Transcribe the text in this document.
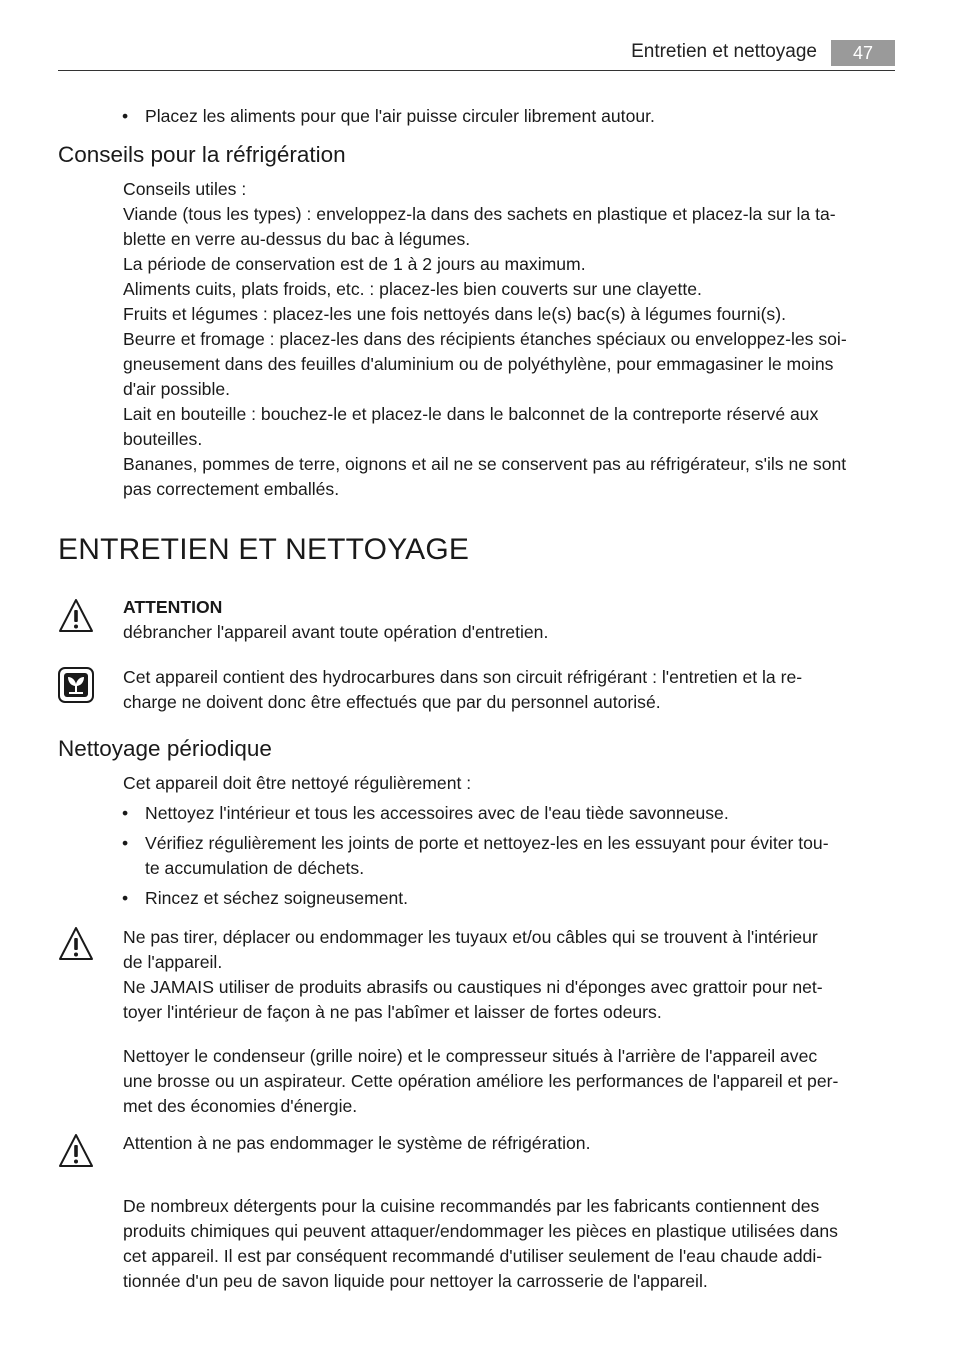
Entretien et nettoyage	47
• Placez les aliments pour que l'air puisse circuler librement autour.
Conseils pour la réfrigération
Conseils utiles :
Viande (tous les types) : enveloppez-la dans des sachets en plastique et placez-la sur la ta-
blette en verre au-dessus du bac à légumes.
La période de conservation est de 1 à 2 jours au maximum.
Aliments cuits, plats froids, etc. : placez-les bien couverts sur une clayette.
Fruits et légumes : placez-les une fois nettoyés dans le(s) bac(s) à légumes fourni(s).
Beurre et fromage : placez-les dans des récipients étanches spéciaux ou enveloppez-les soi-
gneusement dans des feuilles d'aluminium ou de polyéthylène, pour emmagasiner le moins
d'air possible.
Lait en bouteille : bouchez-le et placez-le dans le balconnet de la contreporte réservé aux
bouteilles.
Bananes, pommes de terre, oignons et ail ne se conservent pas au réfrigérateur, s'ils ne sont
pas correctement emballés.
ENTRETIEN ET NETTOYAGE
ATTENTION
débrancher l'appareil avant toute opération d'entretien.
Cet appareil contient des hydrocarbures dans son circuit réfrigérant : l'entretien et la re-
charge ne doivent donc être effectués que par du personnel autorisé.
Nettoyage périodique
Cet appareil doit être nettoyé régulièrement :
• Nettoyez l'intérieur et tous les accessoires avec de l'eau tiède savonneuse.
• Vérifiez régulièrement les joints de porte et nettoyez-les en les essuyant pour éviter tou-
te accumulation de déchets.
• Rincez et séchez soigneusement.
Ne pas tirer, déplacer ou endommager les tuyaux et/ou câbles qui se trouvent à l'intérieur
de l'appareil.
Ne JAMAIS utiliser de produits abrasifs ou caustiques ni d'éponges avec grattoir pour net-
toyer l'intérieur de façon à ne pas l'abîmer et laisser de fortes odeurs.
Nettoyer le condenseur (grille noire) et le compresseur situés à l'arrière de l'appareil avec
une brosse ou un aspirateur. Cette opération améliore les performances de l'appareil et per-
met des économies d'énergie.
Attention à ne pas endommager le système de réfrigération.
De nombreux détergents pour la cuisine recommandés par les fabricants contiennent des
produits chimiques qui peuvent attaquer/endommager les pièces en plastique utilisées dans
cet appareil. Il est par conséquent recommandé d'utiliser seulement de l'eau chaude addi-
tionnée d'un peu de savon liquide pour nettoyer la carrosserie de l'appareil.
